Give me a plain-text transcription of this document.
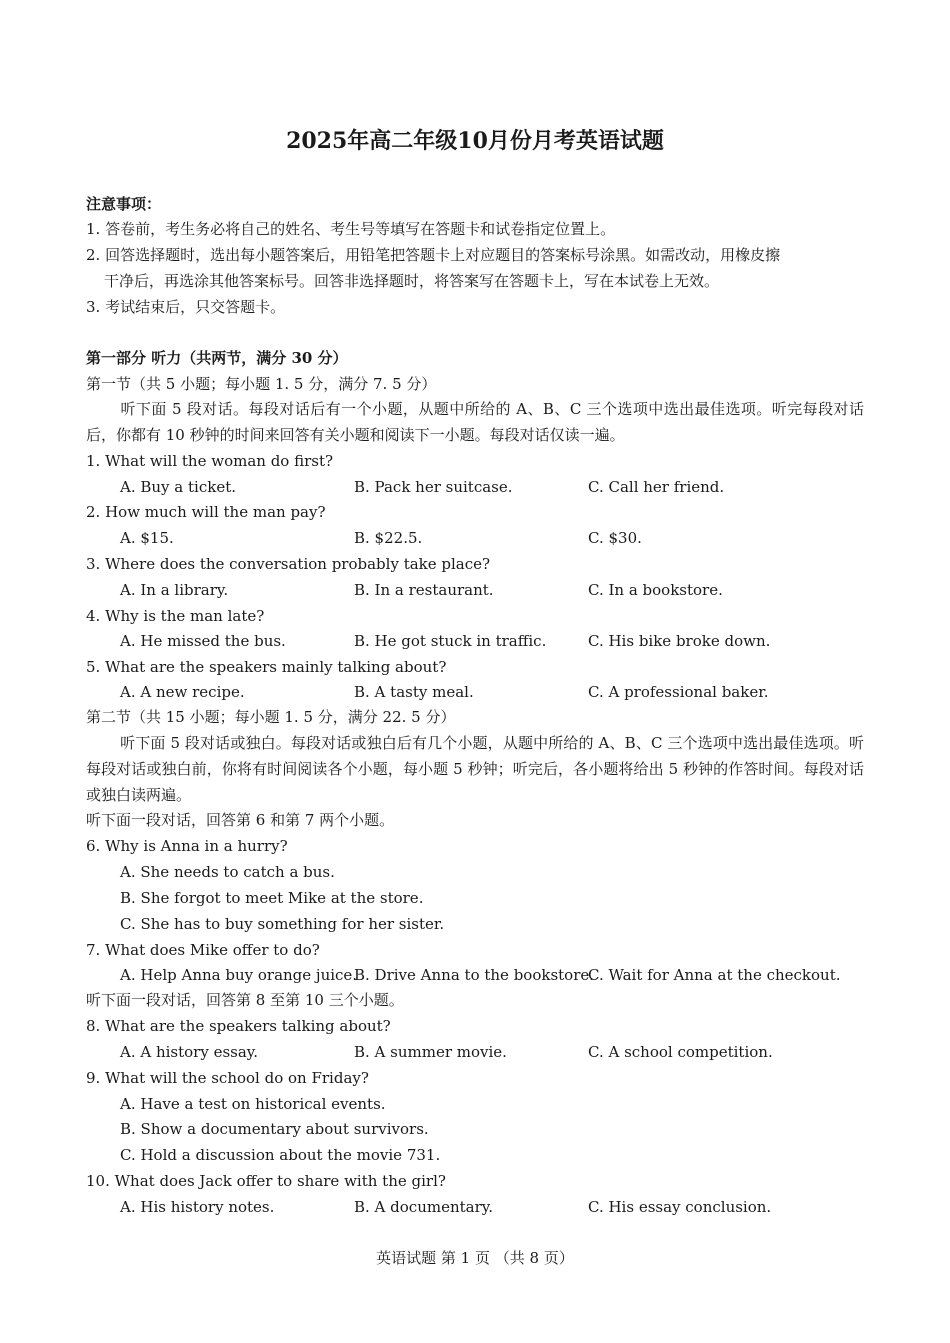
2025年高二年级10月份月考英语试题
注意事项：
1. 答卷前，考生务必将自己的姓名、考生号等填写在答题卡和试卷指定位置上。
2. 回答选择题时，选出每小题答案后，用铅笔把答题卡上对应题目的答案标号涂黑。如需改动，用橡皮擦
干净后，再选涂其他答案标号。回答非选择题时，将答案写在答题卡上，写在本试卷上无效。
3. 考试结束后，只交答题卡。
第一部分 听力（共两节，满分 30 分）
第一节（共 5 小题；每小题 1. 5 分，满分 7. 5 分）
听下面 5 段对话。每段对话后有一个小题，从题中所给的 A、B、C 三个选项中选出最佳选项。听完每段对话后，你都有 10 秒钟的时间来回答有关小题和阅读下一小题。每段对话仅读一遍。
1. What will the woman do first?
A. Buy a ticket.	B. Pack her suitcase.	C. Call her friend.
2. How much will the man pay?
A. $15.	B. $22.5.	C. $30.
3. Where does the conversation probably take place?
A. In a library.	B. In a restaurant.	C. In a bookstore.
4. Why is the man late?
A. He missed the bus.	B. He got stuck in traffic.	C. His bike broke down.
5. What are the speakers mainly talking about?
A. A new recipe.	B. A tasty meal.	C. A professional baker.
第二节（共 15 小题；每小题 1. 5 分，满分 22. 5 分）
听下面 5 段对话或独白。每段对话或独白后有几个小题，从题中所给的 A、B、C 三个选项中选出最佳选项。听每段对话或独白前，你将有时间阅读各个小题，每小题 5 秒钟；听完后，各小题将给出 5 秒钟的作答时间。每段对话或独白读两遍。
听下面一段对话，回答第 6 和第 7 两个小题。
6. Why is Anna in a hurry?
A. She needs to catch a bus.
B. She forgot to meet Mike at the store.
C. She has to buy something for her sister.
7. What does Mike offer to do?
A. Help Anna buy orange juice.
B. Drive Anna to the bookstore.
C. Wait for Anna at the checkout.
听下面一段对话，回答第 8 至第 10 三个小题。
8. What are the speakers talking about?
A. A history essay.	B. A summer movie.	C. A school competition.
9. What will the school do on Friday?
A. Have a test on historical events.
B. Show a documentary about survivors.
C. Hold a discussion about the movie 731.
10. What does Jack offer to share with the girl?
A. His history notes.	B. A documentary.	C. His essay conclusion.
英语试题 第 1 页 （共 8 页）
